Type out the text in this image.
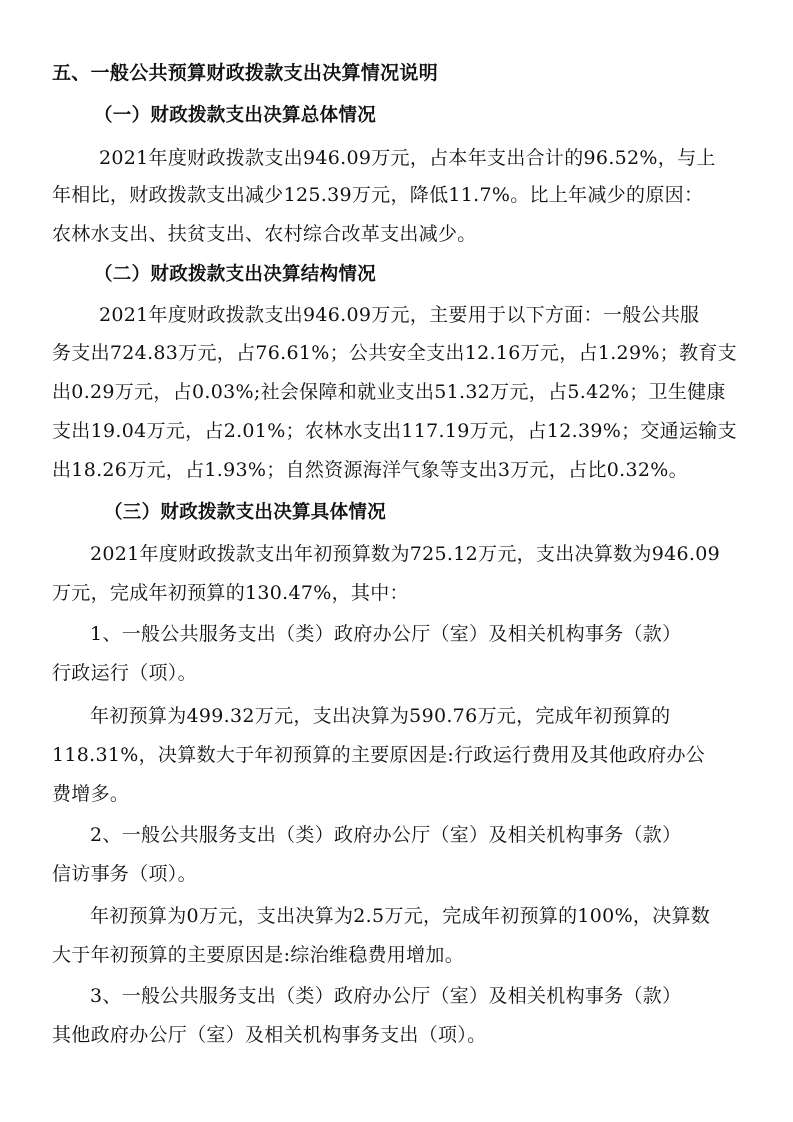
五、一般公共预算财政拨款支出决算情况说明
（一）财政拨款支出决算总体情况
2021年度财政拨款支出946.09万元，占本年支出合计的96.52%，与上
年相比，财政拨款支出减少125.39万元，降低11.7%。比上年减少的原因：
农林水支出、扶贫支出、农村综合改革支出减少。
（二）财政拨款支出决算结构情况
2021年度财政拨款支出946.09万元，主要用于以下方面：一般公共服
务支出724.83万元，占76.61%；公共安全支出12.16万元，占1.29%；教育支
出0.29万元，占0.03%;社会保障和就业支出51.32万元，占5.42%；卫生健康
支出19.04万元，占2.01%；农林水支出117.19万元，占12.39%；交通运输支
出18.26万元，占1.93%；自然资源海洋气象等支出3万元，占比0.32%。
（三）财政拨款支出决算具体情况
2021年度财政拨款支出年初预算数为725.12万元，支出决算数为946.09
万元，完成年初预算的130.47%，其中：
1、一般公共服务支出（类）政府办公厅（室）及相关机构事务（款）
行政运行（项）。
年初预算为499.32万元，支出决算为590.76万元，完成年初预算的
118.31%，决算数大于年初预算的主要原因是:行政运行费用及其他政府办公
费增多。
2、一般公共服务支出（类）政府办公厅（室）及相关机构事务（款）
信访事务（项）。
年初预算为0万元，支出决算为2.5万元，完成年初预算的100%，决算数
大于年初预算的主要原因是:综治维稳费用增加。
3、一般公共服务支出（类）政府办公厅（室）及相关机构事务（款）
其他政府办公厅（室）及相关机构事务支出（项）。
